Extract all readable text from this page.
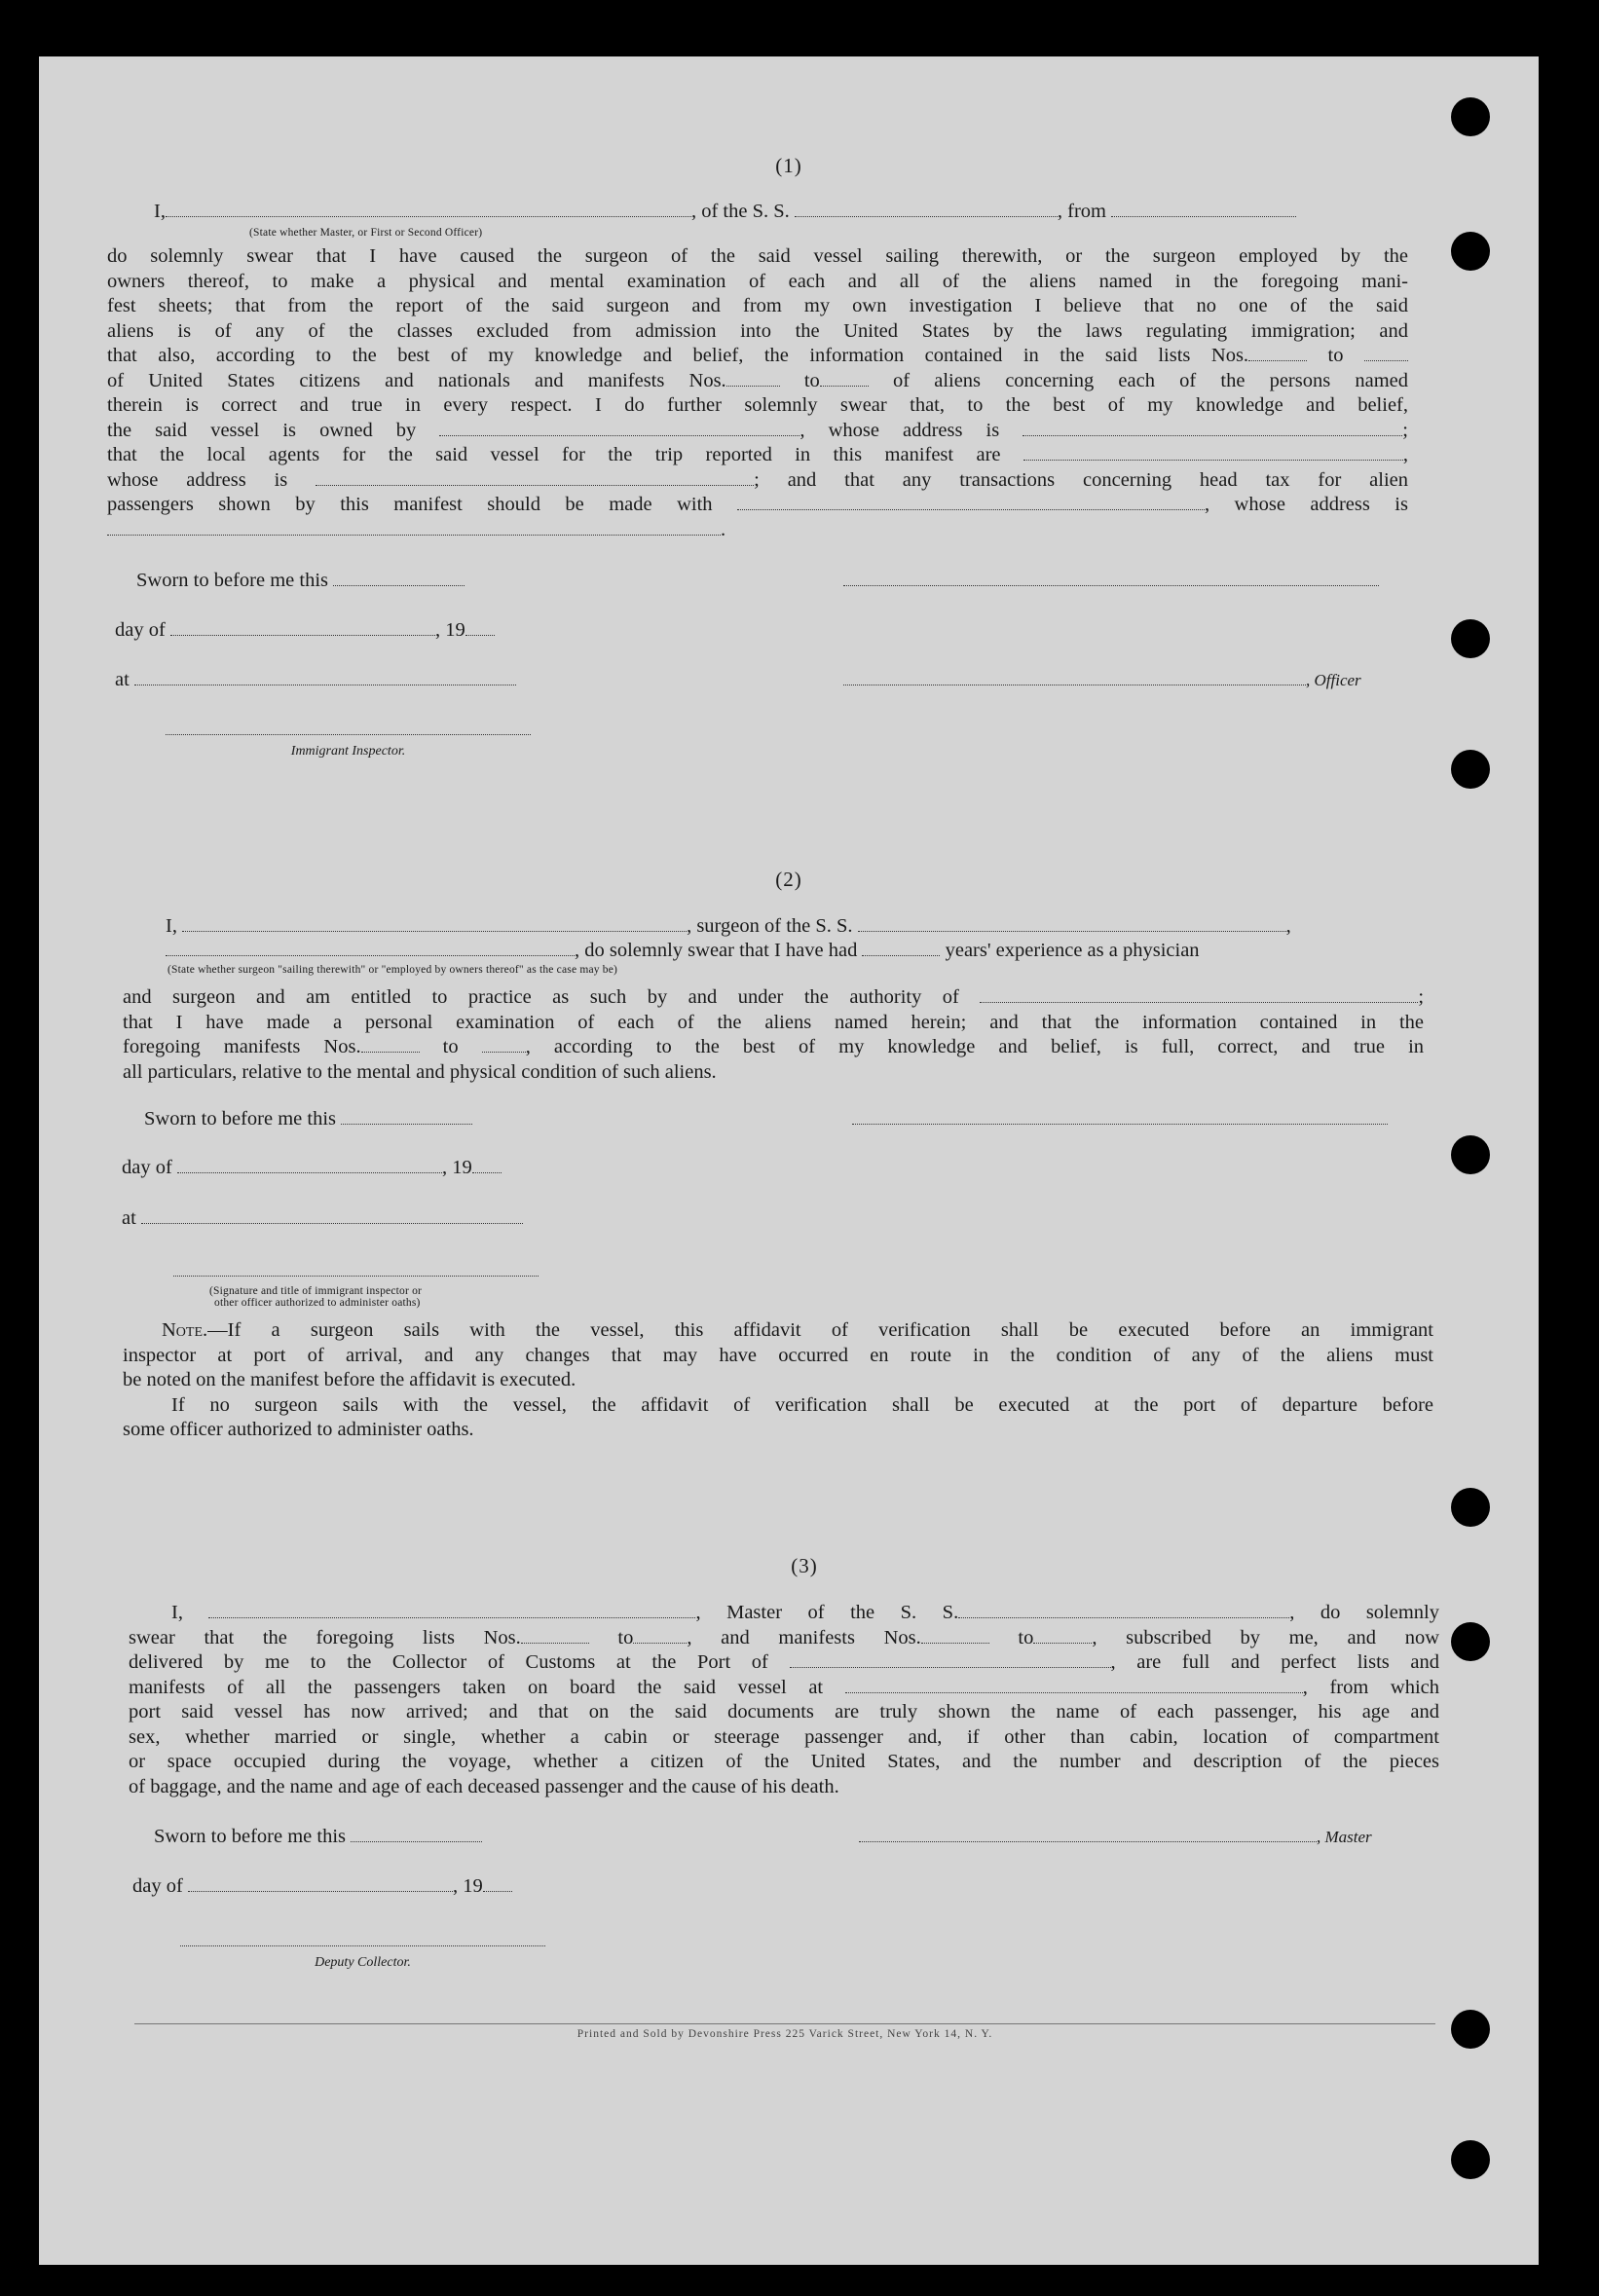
(1)
I,	, of the S. S.	, from
(State whether Master, or First or Second Officer)
do solemnly swear that I have caused the surgeon of the said vessel sailing therewith, or the surgeon employed by the
owners thereof, to make a physical and mental examination of each and all of the aliens named in the foregoing mani-
fest sheets; that from the report of the said surgeon and from my own investigation I believe that no one of the said
aliens is of any of the classes excluded from admission into the United States by the laws regulating immigration; and
that also, according to the best of my knowledge and belief, the information contained in the said lists Nos.	to
of United States citizens and nationals and manifests Nos.	to	of aliens concerning each of the persons named
therein is correct and true in every respect. I do further solemnly swear that, to the best of my knowledge and belief,
the said vessel is owned by	, whose address is	;
that the local agents for the said vessel for the trip reported in this manifest are	,
whose address is	; and that any transactions concerning head tax for alien
passengers shown by this manifest should be made with	, whose address is
.
Sworn to before me this
day of	, 19
at	, Officer
Immigrant Inspector.
(2)
I,	, surgeon of the S. S.	,
, do solemnly swear that I have had	years' experience as a physician
(State whether surgeon "sailing therewith" or "employed by owners thereof" as the case may be)
and surgeon and am entitled to practice as such by and under the authority of	;
that I have made a personal examination of each of the aliens named herein; and that the information contained in the
foregoing manifests Nos.	to	, according to the best of my knowledge and belief, is full, correct, and true in
all particulars, relative to the mental and physical condition of such aliens.
Sworn to before me this
day of	, 19
at
(Signature and title of immigrant inspector or
other officer authorized to administer oaths)
Note.—If a surgeon sails with the vessel, this affidavit of verification shall be executed before an immigrant
inspector at port of arrival, and any changes that may have occurred en route in the condition of any of the aliens must
be noted on the manifest before the affidavit is executed.
If no surgeon sails with the vessel, the affidavit of verification shall be executed at the port of departure before
some officer authorized to administer oaths.
(3)
I,	, Master of the S. S.	, do solemnly
swear that the foregoing lists Nos.	to	, and manifests Nos.	to	, subscribed by me, and now
delivered by me to the Collector of Customs at the Port of	, are full and perfect lists and
manifests of all the passengers taken on board the said vessel at	, from which
port said vessel has now arrived; and that on the said documents are truly shown the name of each passenger, his age and
sex, whether married or single, whether a cabin or steerage passenger and, if other than cabin, location of compartment
or space occupied during the voyage, whether a citizen of the United States, and the number and description of the pieces
of baggage, and the name and age of each deceased passenger and the cause of his death.
Sworn to before me this	, Master
day of	, 19
Deputy Collector.
Printed and Sold by Devonshire Press 225 Varick Street, New York 14, N. Y.
